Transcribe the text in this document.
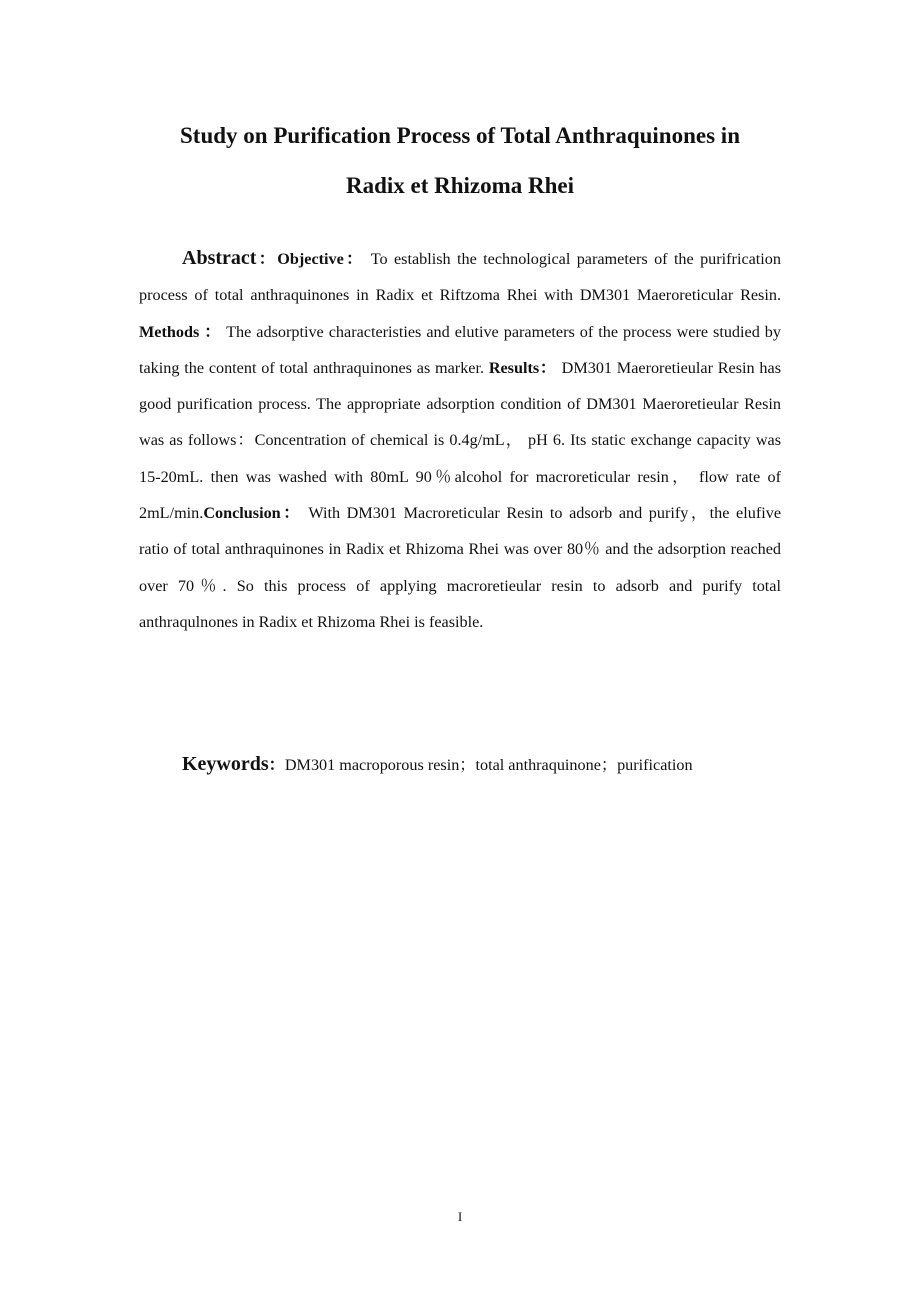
Study on Purification Process of Total Anthraquinones in
Radix et Rhizoma Rhei

Abstract：Objective： To establish the technological parameters of the purifrication process of total anthraquinones in Radix et Riftzoma Rhei with DM301 Maeroreticular Resin. Methods ： The adsorptive characteristies and elutive parameters of the process were studied by taking the content of total anthraquinones as marker. Results： DM301 Maeroretieular Resin has good purification process. The appropriate adsorption condition of DM301 Maeroretieular Resin was as follows：Concentration of chemical is 0.4g/mL， pH 6. Its static exchange capacity was 15-20mL. then was washed with 80mL 90％alcohol for macroreticular resin， flow rate of 2mL/min.Conclusion： With DM301 Macroreticular Resin to adsorb and purify，the elufive ratio of total anthraquinones in Radix et Rhizoma Rhei was over 80％ and the adsorption reached over 70％. So this process of applying macroretieular resin to adsorb and purify total anthraqulnones in Radix et Rhizoma Rhei is feasible.

Keywords：DM301 macroporous resin；total anthraquinone；purification

I
